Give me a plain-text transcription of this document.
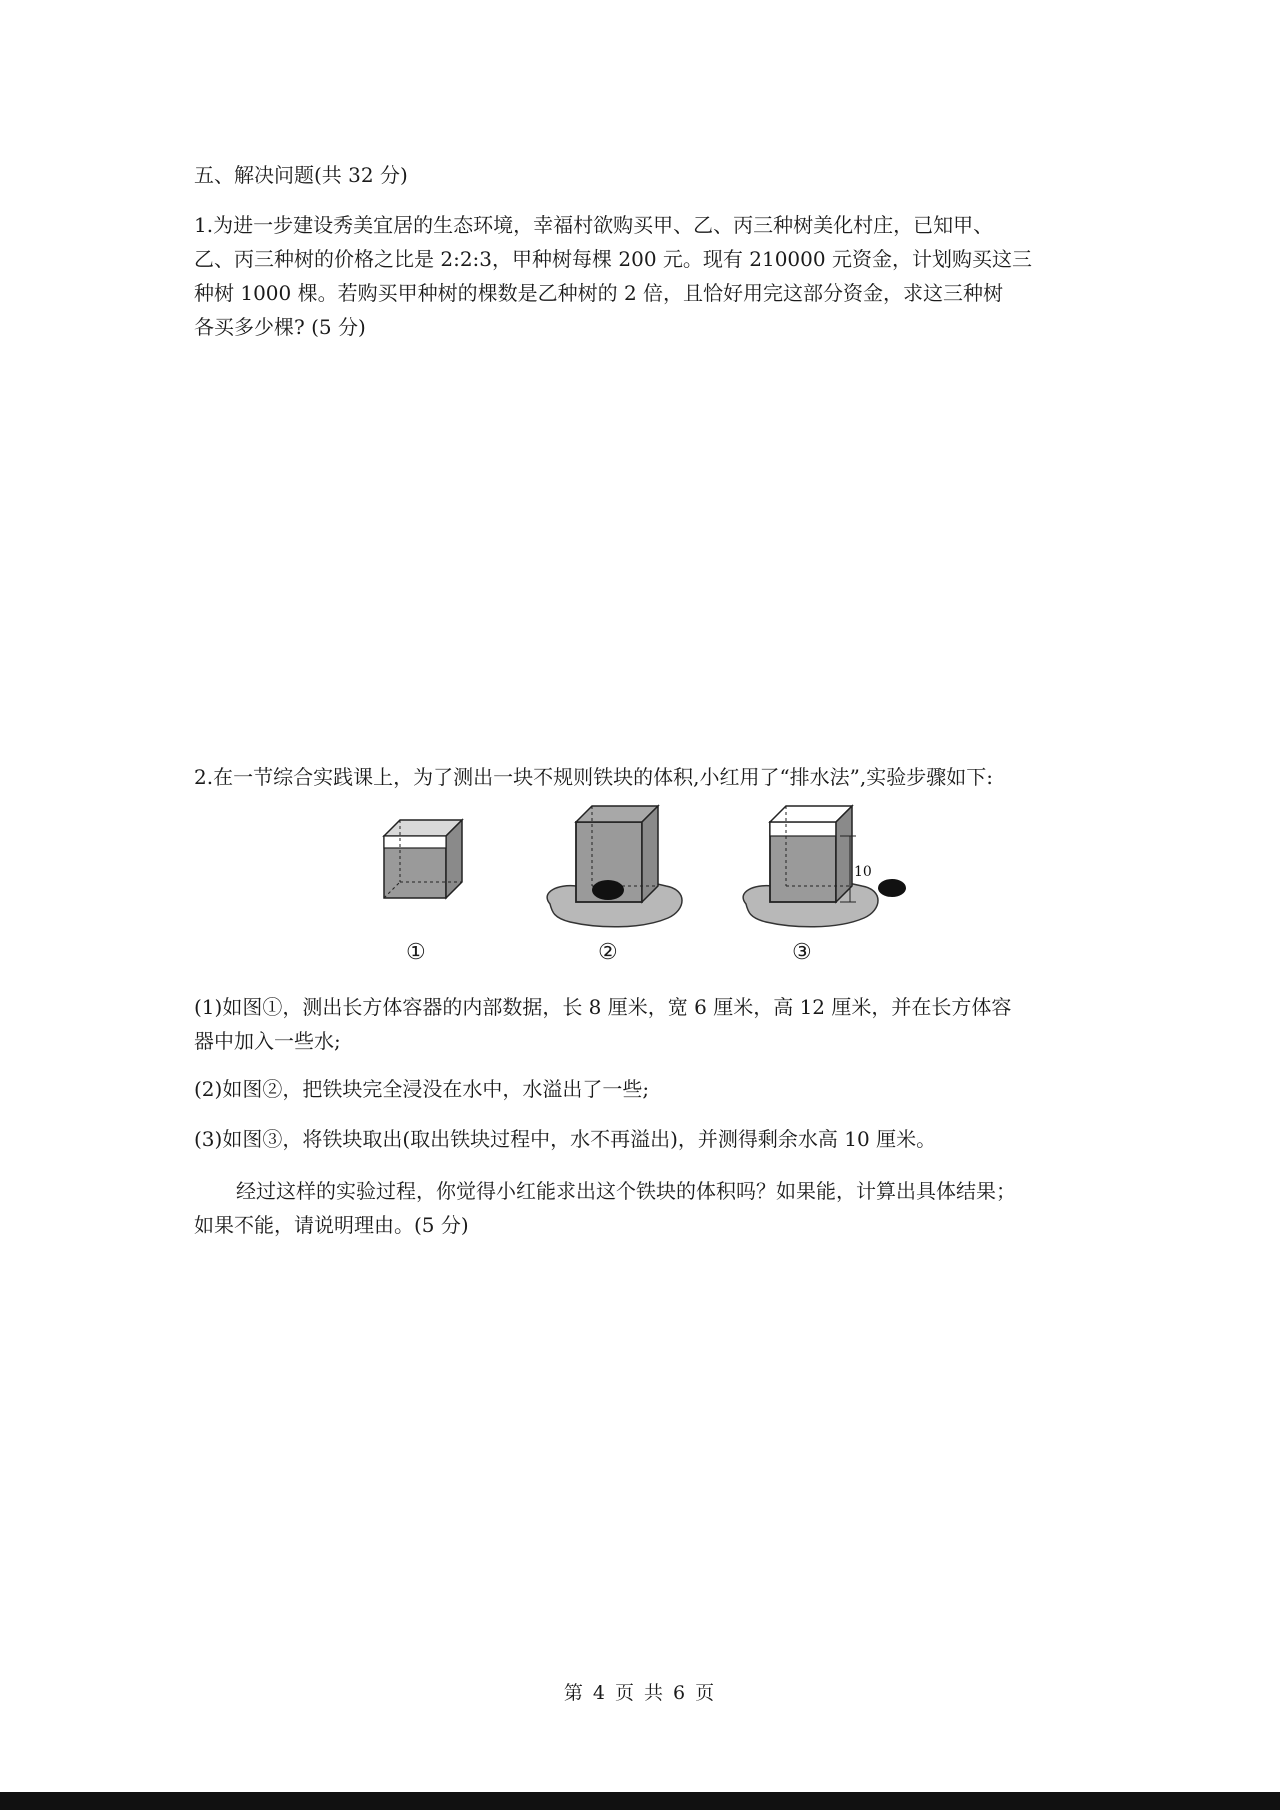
五、解决问题(共 32 分)
1.为进一步建设秀美宜居的生态环境，幸福村欲购买甲、乙、丙三种树美化村庄，已知甲、
乙、丙三种树的价格之比是 2:2:3，甲种树每棵 200 元。现有 210000 元资金，计划购买这三
种树 1000 棵。若购买甲种树的棵数是乙种树的 2 倍，且恰好用完这部分资金，求这三种树
各买多少棵? (5 分)
2.在一节综合实践课上，为了测出一块不规则铁块的体积,小红用了“排水法”,实验步骤如下:
10
①	②	③
(1)如图①，测出长方体容器的内部数据，长 8 厘米，宽 6 厘米，高 12 厘米，并在长方体容
器中加入一些水;
(2)如图②，把铁块完全浸没在水中，水溢出了一些;
(3)如图③，将铁块取出(取出铁块过程中，水不再溢出)，并测得剩余水高 10 厘米。
经过这样的实验过程，你觉得小红能求出这个铁块的体积吗？如果能，计算出具体结果；
如果不能，请说明理由。(5 分)
第 4 页 共 6 页
